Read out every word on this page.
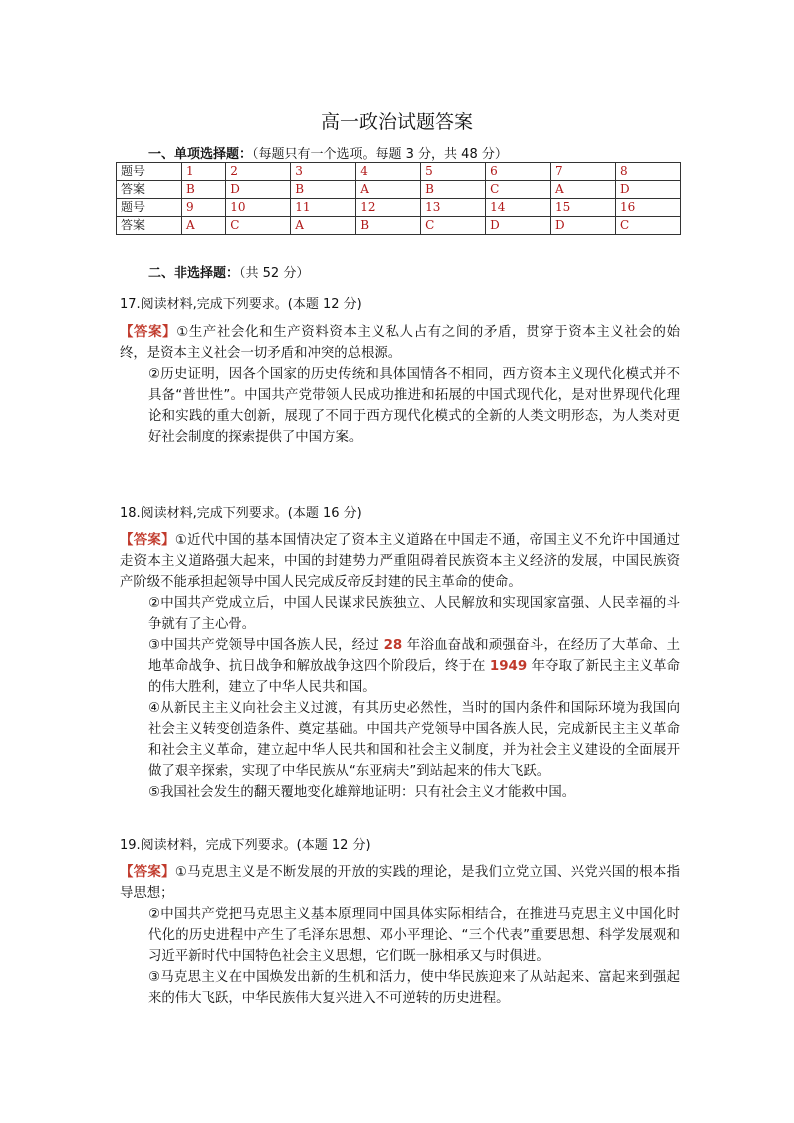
高一政治试题答案
一、单项选择题：（每题只有一个选项。每题 3 分，共 48 分）
题号	1	2	3	4	5	6	7	8
答案	B	D	B	A	B	C	A	D
题号	9	10	11	12	13	14	15	16
答案	A	C	A	B	C	D	D	C
二、非选择题：（共 52 分）
17.阅读材料,完成下列要求。(本题 12 分)
【答案】①生产社会化和生产资料资本主义私人占有之间的矛盾，贯穿于资本主义社会的始终，是资本主义社会一切矛盾和冲突的总根源。
②历史证明，因各个国家的历史传统和具体国情各不相同，西方资本主义现代化模式并不具备“普世性”。中国共产党带领人民成功推进和拓展的中国式现代化，是对世界现代化理论和实践的重大创新，展现了不同于西方现代化模式的全新的人类文明形态，为人类对更好社会制度的探索提供了中国方案。
18.阅读材料,完成下列要求。(本题 16 分)
【答案】①近代中国的基本国情决定了资本主义道路在中国走不通，帝国主义不允许中国通过走资本主义道路强大起来，中国的封建势力严重阻碍着民族资本主义经济的发展，中国民族资产阶级不能承担起领导中国人民完成反帝反封建的民主革命的使命。
②中国共产党成立后，中国人民谋求民族独立、人民解放和实现国家富强、人民幸福的斗争就有了主心骨。
③中国共产党领导中国各族人民，经过 28 年浴血奋战和顽强奋斗，在经历了大革命、土地革命战争、抗日战争和解放战争这四个阶段后，终于在 1949 年夺取了新民主主义革命的伟大胜利，建立了中华人民共和国。
④从新民主主义向社会主义过渡，有其历史必然性，当时的国内条件和国际环境为我国向社会主义转变创造条件、奠定基础。中国共产党领导中国各族人民，完成新民主主义革命和社会主义革命，建立起中华人民共和国和社会主义制度，并为社会主义建设的全面展开做了艰辛探索，实现了中华民族从“东亚病夫”到站起来的伟大飞跃。
⑤我国社会发生的翻天覆地变化雄辩地证明：只有社会主义才能救中国。
19.阅读材料，完成下列要求。(本题 12 分)
【答案】①马克思主义是不断发展的开放的实践的理论，是我们立党立国、兴党兴国的根本指导思想；
②中国共产党把马克思主义基本原理同中国具体实际相结合，在推进马克思主义中国化时代化的历史进程中产生了毛泽东思想、邓小平理论、“三个代表”重要思想、科学发展观和习近平新时代中国特色社会主义思想，它们既一脉相承又与时俱进。
③马克思主义在中国焕发出新的生机和活力，使中华民族迎来了从站起来、富起来到强起来的伟大飞跃，中华民族伟大复兴进入不可逆转的历史进程。
